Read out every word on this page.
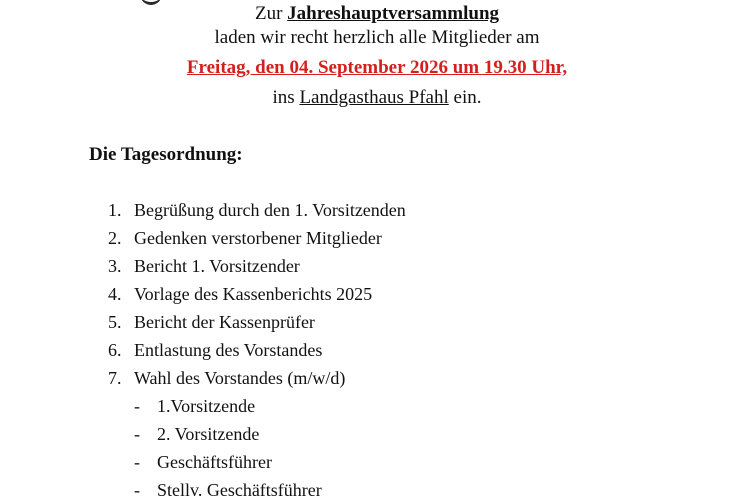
Zur Jahreshauptversammlung
laden wir recht herzlich alle Mitglieder am
Freitag, den 04. September 2026 um 19.30 Uhr,
ins Landgasthaus Pfahl ein.
Die Tagesordnung:
1. Begrüßung durch den 1. Vorsitzenden
2. Gedenken verstorbener Mitglieder
3. Bericht 1. Vorsitzender
4. Vorlage des Kassenberichts 2025
5. Bericht der Kassenprüfer
6. Entlastung des Vorstandes
7. Wahl des Vorstandes (m/w/d)
- 1.Vorsitzende
- 2. Vorsitzende
- Geschäftsführer
- Stellv. Geschäftsführer
